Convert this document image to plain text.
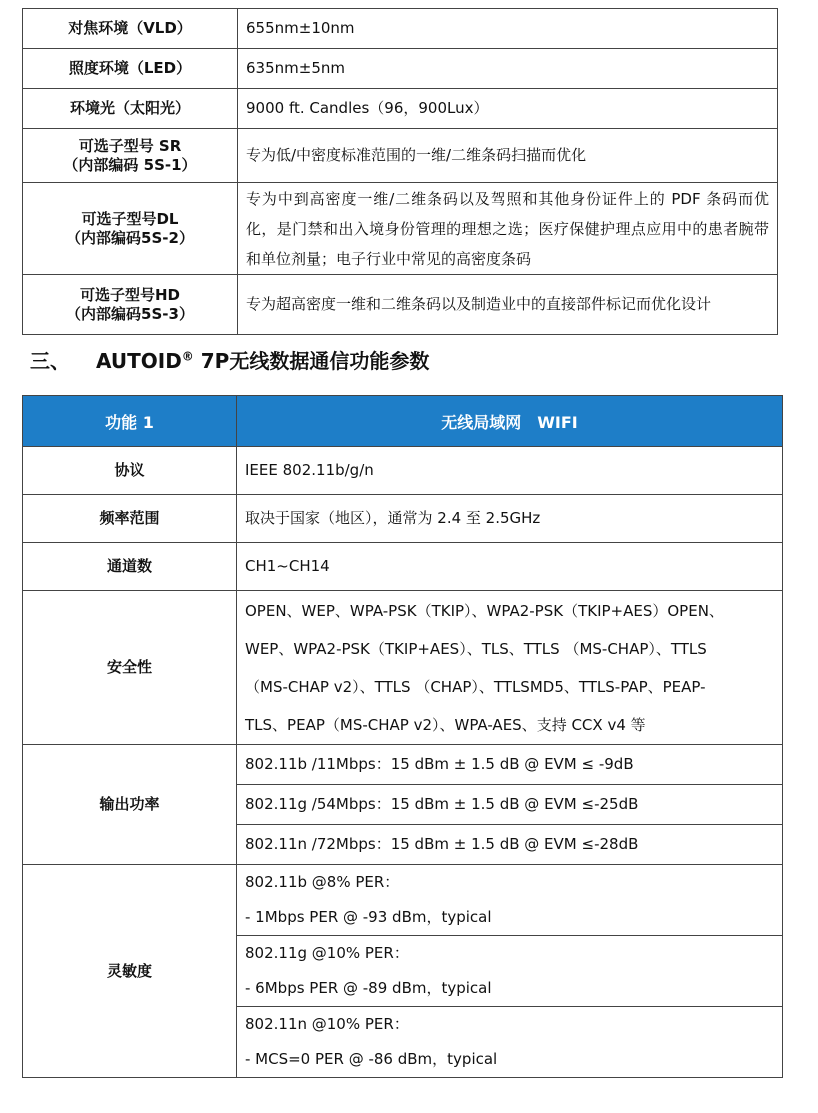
对焦环境（VLD）	655nm±10nm
照度环境（LED）	635nm±5nm
环境光（太阳光）	9000 ft. Candles（96，900Lux）

可选子型号 SR
（内部编码 5S-1）	专为低/中密度标准范围的一维/二维条码扫描而优化

可选子型号DL
（内部编码5S-2）	专为中到高密度一维/二维条码以及驾照和其他身份证件上的 PDF 条码而优化，是门禁和出入境身份管理的理想之选；医疗保健护理点应用中的患者腕带和单位剂量；电子行业中常见的高密度条码

可选子型号HD
（内部编码5S-3）	专为超高密度一维和二维条码以及制造业中的直接部件标记而优化设计
三、 AUTOID® 7P无线数据通信功能参数
功能 1	无线局域网　WIFI
协议	IEEE 802.11b/g/n
频率范围	取决于国家（地区），通常为 2.4 至 2.5GHz
通道数	CH1~CH14
安全性	OPEN、WEP、WPA-PSK（TKIP）、WPA2-PSK（TKIP+AES）OPEN、
WEP、WPA2-PSK（TKIP+AES）、TLS、TTLS （MS-CHAP）、TTLS
（MS-CHAP v2）、TTLS （CHAP）、TTLSMD5、TTLS-PAP、PEAP-
TLS、PEAP（MS-CHAP v2）、WPA-AES、支持 CCX v4 等

输出功率	802.11b /11Mbps：15 dBm ± 1.5 dB @ EVM ≤ -9dB
	802.11g /54Mbps：15 dBm ± 1.5 dB @ EVM ≤-25dB
	802.11n /72Mbps：15 dBm ± 1.5 dB @ EVM ≤-28dB
灵敏度	802.11b @8% PER：
- 1Mbps PER @ -93 dBm，typical

	802.11g @10% PER：
- 6Mbps PER @ -89 dBm，typical

	802.11n @10% PER：
- MCS=0 PER @ -86 dBm，typical
